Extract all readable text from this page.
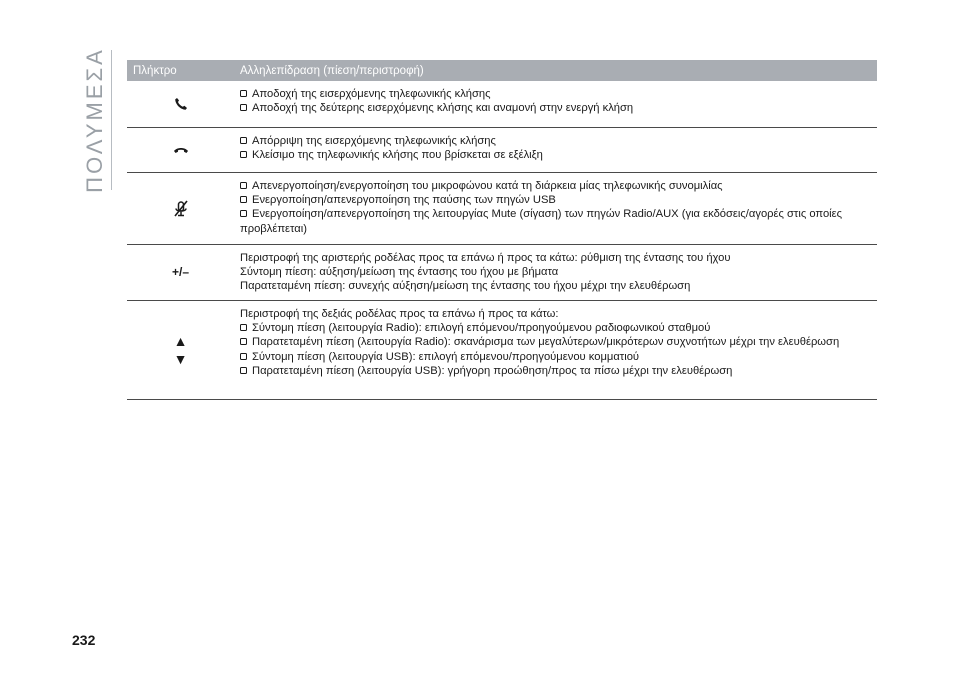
ΠΟΛΥΜΕΣΑ	Πλήκτρο	Αλληλεπίδραση (πίεση/περιστροφή)
Αποδοχή της εισερχόμενης τηλεφωνικής κλήσης
Αποδοχή της δεύτερης εισερχόμενης κλήσης και αναμονή στην ενεργή κλήση
Απόρριψη της εισερχόμενης τηλεφωνικής κλήσης
Κλείσιμο της τηλεφωνικής κλήσης που βρίσκεται σε εξέλιξη
Απενεργοποίηση/ενεργοποίηση του μικροφώνου κατά τη διάρκεια μίας τηλεφωνικής συνομιλίας
Ενεργοποίηση/απενεργοποίηση της παύσης των πηγών USB
Ενεργοποίηση/απενεργοποίηση της λειτουργίας Mute (σίγαση) των πηγών Radio/AUX (για εκδόσεις/αγορές στις οποίες προβλέπεται)
+/–
Περιστροφή της αριστερής ροδέλας προς τα επάνω ή προς τα κάτω: ρύθμιση της έντασης του ήχου
Σύντομη πίεση: αύξηση/μείωση της έντασης του ήχου με βήματα
Παρατεταμένη πίεση: συνεχής αύξηση/μείωση της έντασης του ήχου μέχρι την ελευθέρωση
▲
▼
Περιστροφή της δεξιάς ροδέλας προς τα επάνω ή προς τα κάτω:
Σύντομη πίεση (λειτουργία Radio): επιλογή επόμενου/προηγούμενου ραδιοφωνικού σταθμού
Παρατεταμένη πίεση (λειτουργία Radio): σκανάρισμα των μεγαλύτερων/μικρότερων συχνοτήτων μέχρι την ελευθέρωση
Σύντομη πίεση (λειτουργία USB): επιλογή επόμενου/προηγούμενου κομματιού
Παρατεταμένη πίεση (λειτουργία USB): γρήγορη προώθηση/προς τα πίσω μέχρι την ελευθέρωση
232
